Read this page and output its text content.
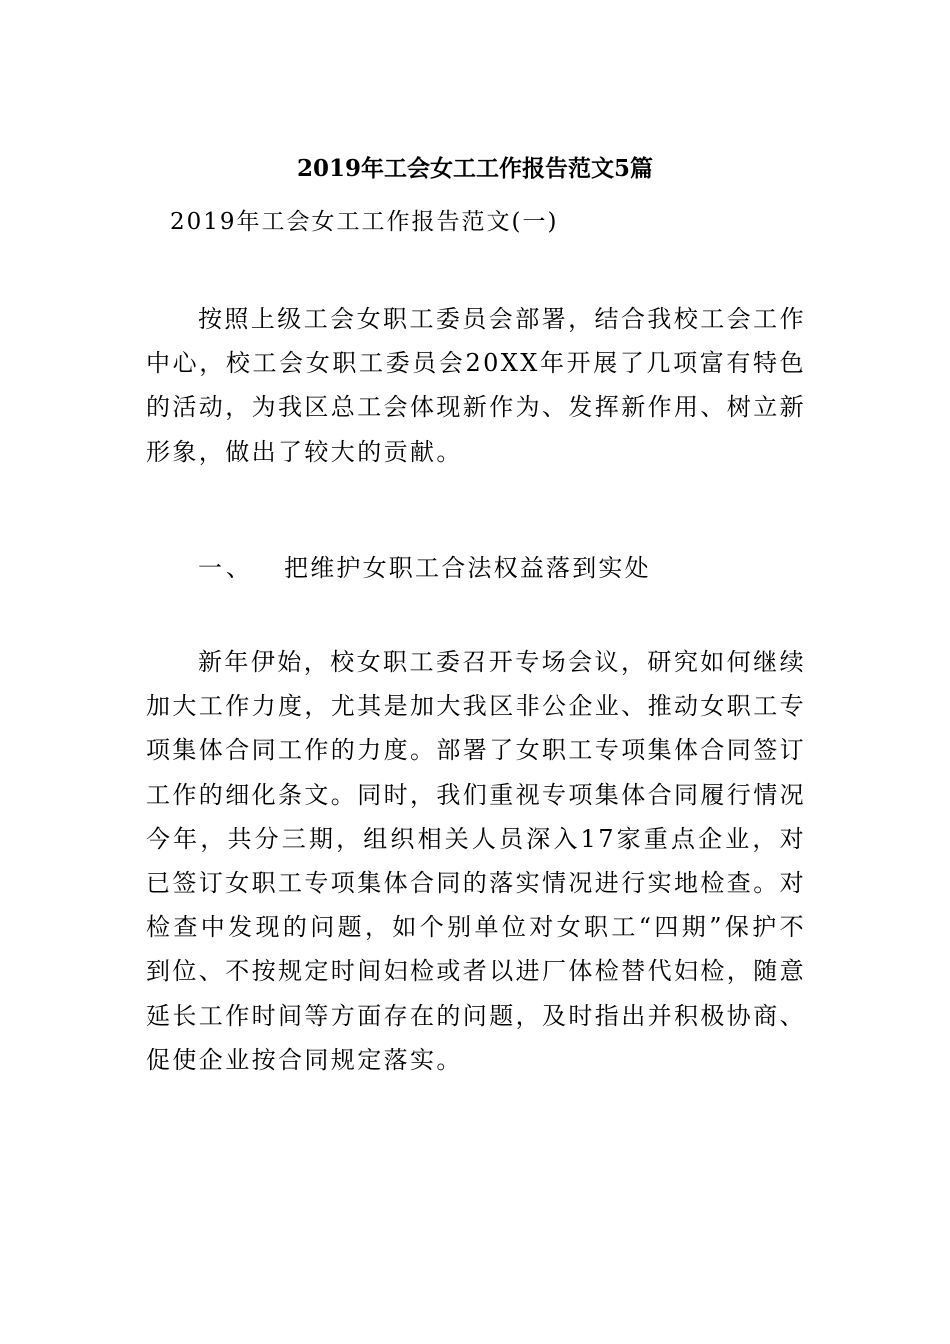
2019年工会女工工作报告范文5篇
2019年工会女工工作报告范文(一)

按照上级工会女职工委员会部署，结合我校工会工作中心，校工会女职工委员会20XX年开展了几项富有特色的活动，为我区总工会体现新作为、发挥新作用、树立新形象，做出了较大的贡献。

一、 把维护女职工合法权益落到实处

新年伊始，校女职工委召开专场会议，研究如何继续加大工作力度，尤其是加大我区非公企业、推动女职工专项集体合同工作的力度。部署了女职工专项集体合同签订工作的细化条文。同时，我们重视专项集体合同履行情况今年，共分三期，组织相关人员深入17家重点企业，对已签订女职工专项集体合同的落实情况进行实地检查。对检查中发现的问题，如个别单位对女职工“四期”保护不到位、不按规定时间妇检或者以进厂体检替代妇检，随意延长工作时间等方面存在的问题，及时指出并积极协商、促使企业按合同规定落实。
